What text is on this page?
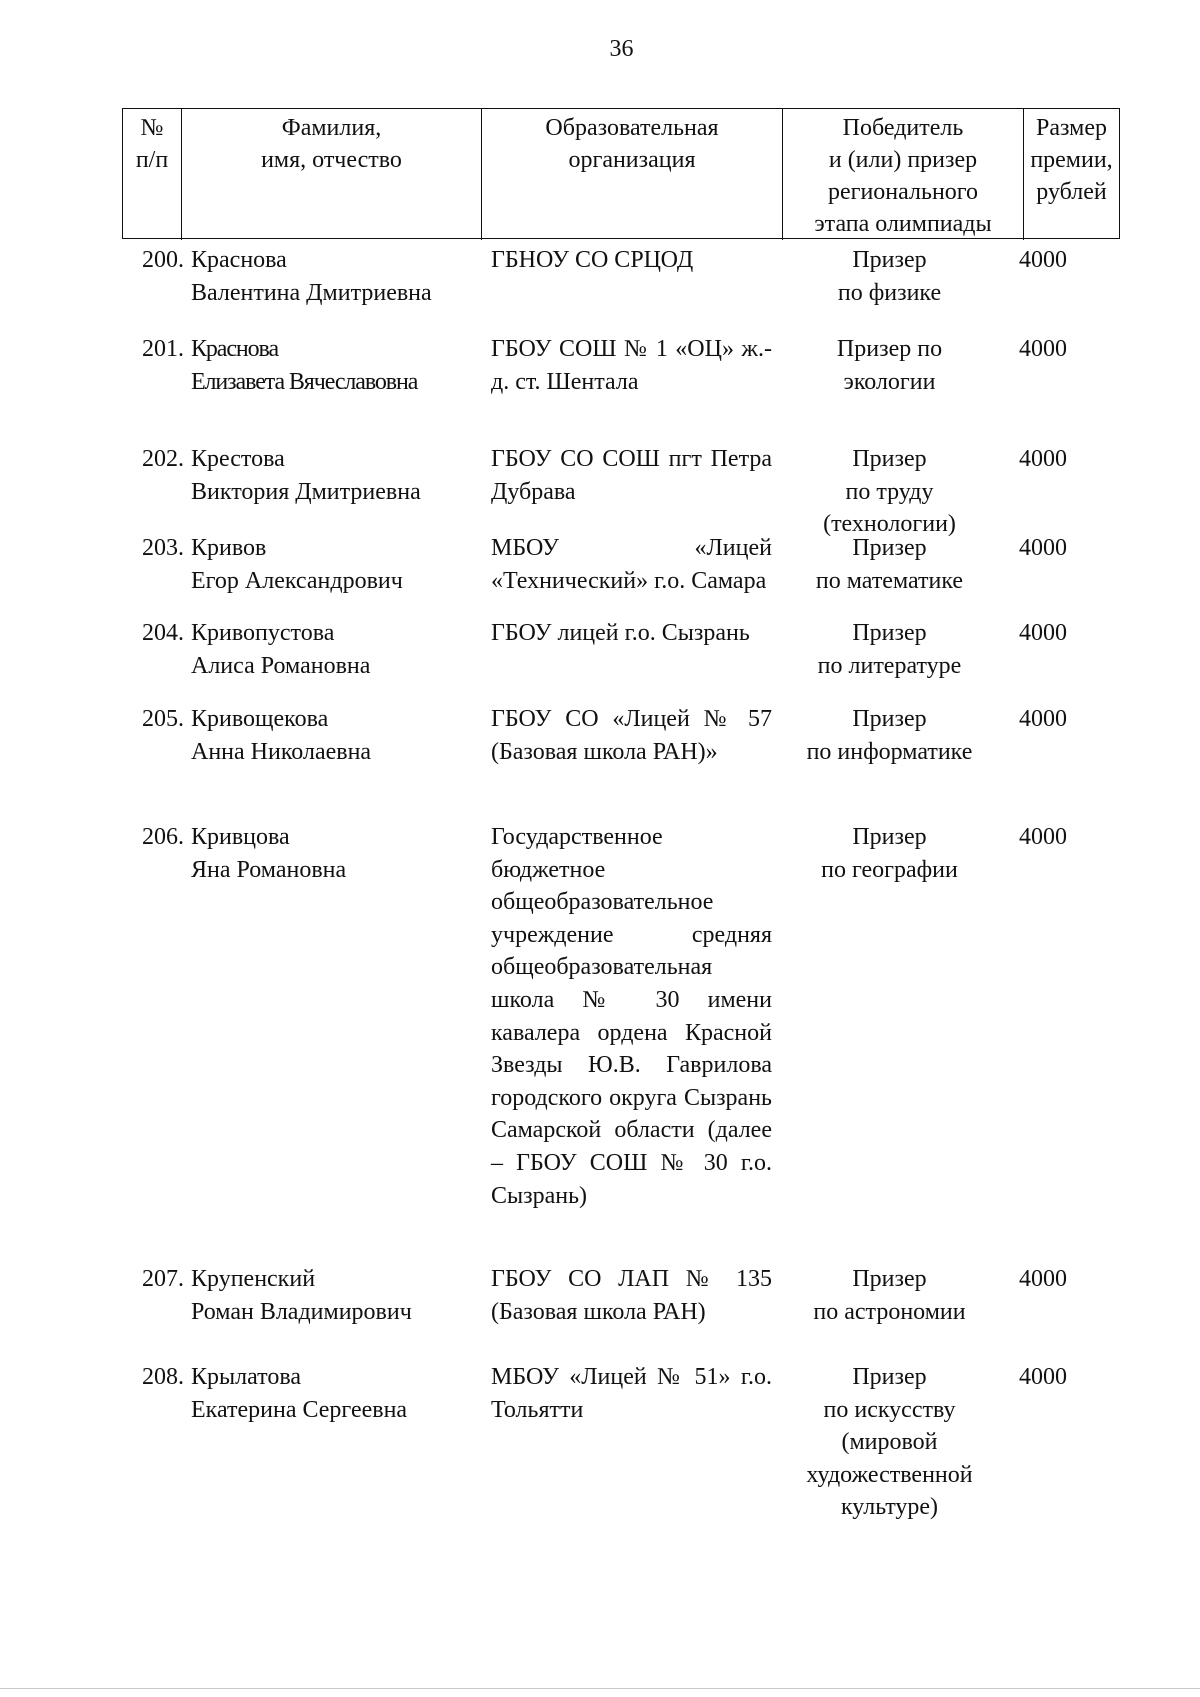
36
№
п/п
Фамилия,
имя, отчество
Образовательная
организация
Победитель
и (или) призер
регионального
этапа олимпиады
Размер
премии,
рублей
200. Краснова
Валентина Дмитриевна
ГБНОУ СО СРЦОД	Призер
по физике
4000
201. Краснова
Елизавета Вячеславовна
ГБОУ СОШ № 1 «ОЦ» ж.-д. ст. Шентала
Призер по
экологии
4000
202. Крестова
Виктория Дмитриевна
ГБОУ СО СОШ пгт Петра Дубрава
Призер
по труду
(технологии)
4000
203. Кривов
Егор Александрович
МБОУ «Лицей «Технический» г.о. Самара
Призер
по математике
4000
204. Кривопустова
Алиса Романовна
ГБОУ лицей г.о. Сызрань	Призер
по литературе
4000
205. Кривощекова
Анна Николаевна
ГБОУ СО «Лицей № 57 (Базовая школа РАН)»
Призер
по информатике
4000
206. Кривцова
Яна Романовна
Государственное бюджетное общеобразовательное учреждение средняя общеобразовательная школа № 30 имени кавалера ордена Красной Звезды Ю.В. Гаврилова городского округа Сызрань Самарской области (далее – ГБОУ СОШ № 30 г.о. Сызрань)
Призер
по географии
4000
207. Крупенский
Роман Владимирович
ГБОУ СО ЛАП № 135 (Базовая школа РАН)
Призер
по астрономии
4000
208. Крылатова
Екатерина Сергеевна
МБОУ «Лицей № 51» г.о. Тольятти
Призер
по искусству
(мировой
художественной
культуре)
4000
